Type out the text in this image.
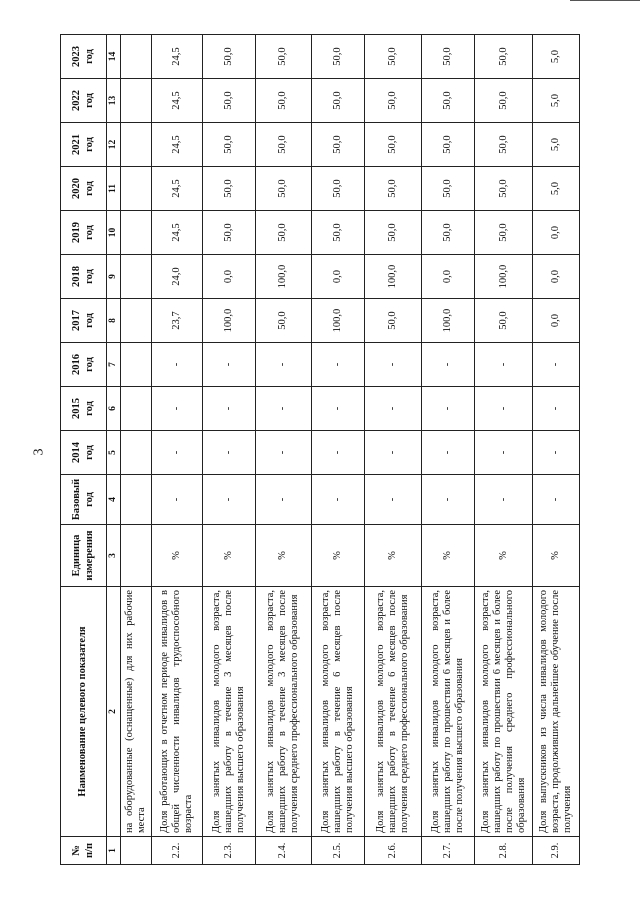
3
№ п/п	Наименование целевого показателя	Единица измерения	Базовый год	2014 год	2015 год	2016 год	2017 год	2018 год	2019 год	2020 год	2021 год	2022 год	2023 год
1	2	3	4	5	6	7	8	9	10	11	12	13	14
	на оборудованные (оснащенные) для них рабочие места												
2.2.	Доля работающих в отчетном периоде инвалидов в общей численности инвалидов трудоспособного возраста	%	-	-	-	-	23,7	24,0	24,5	24,5	24,5	24,5	24,5
2.3.	Доля занятых инвалидов молодого возраста, нашедших работу в течение 3 месяцев после получения высшего образования	%	-	-	-	-	100,0	0,0	50,0	50,0	50,0	50,0	50,0
2.4.	Доля занятых инвалидов молодого возраста, нашедших работу в течение 3 месяцев после получения среднего профессионального образования	%	-	-	-	-	50,0	100,0	50,0	50,0	50,0	50,0	50,0
2.5.	Доля занятых инвалидов молодого возраста, нашедших работу в течение 6 месяцев после получения высшего образования	%	-	-	-	-	100,0	0,0	50,0	50,0	50,0	50,0	50,0
2.6.	Доля занятых инвалидов молодого возраста, нашедших работу в течение 6 месяцев после получения среднего профессионального образования	%	-	-	-	-	50,0	100,0	50,0	50,0	50,0	50,0	50,0
2.7.	Доля занятых инвалидов молодого возраста, нашедших работу по прошествии 6 месяцев и более после получения высшего образования	%	-	-	-	-	100,0	0,0	50,0	50,0	50,0	50,0	50,0
2.8.	Доля занятых инвалидов молодого возраста, нашедших работу по прошествии 6 месяцев и более после получения среднего профессионального образования	%	-	-	-	-	50,0	100,0	50,0	50,0	50,0	50,0	50,0
2.9.	Доля выпускников из числа инвалидов молодого возраста, продолживших дальнейшее обучение после получения	%	-	-	-	-	0,0	0,0	0,0	5,0	5,0	5,0	5,0
